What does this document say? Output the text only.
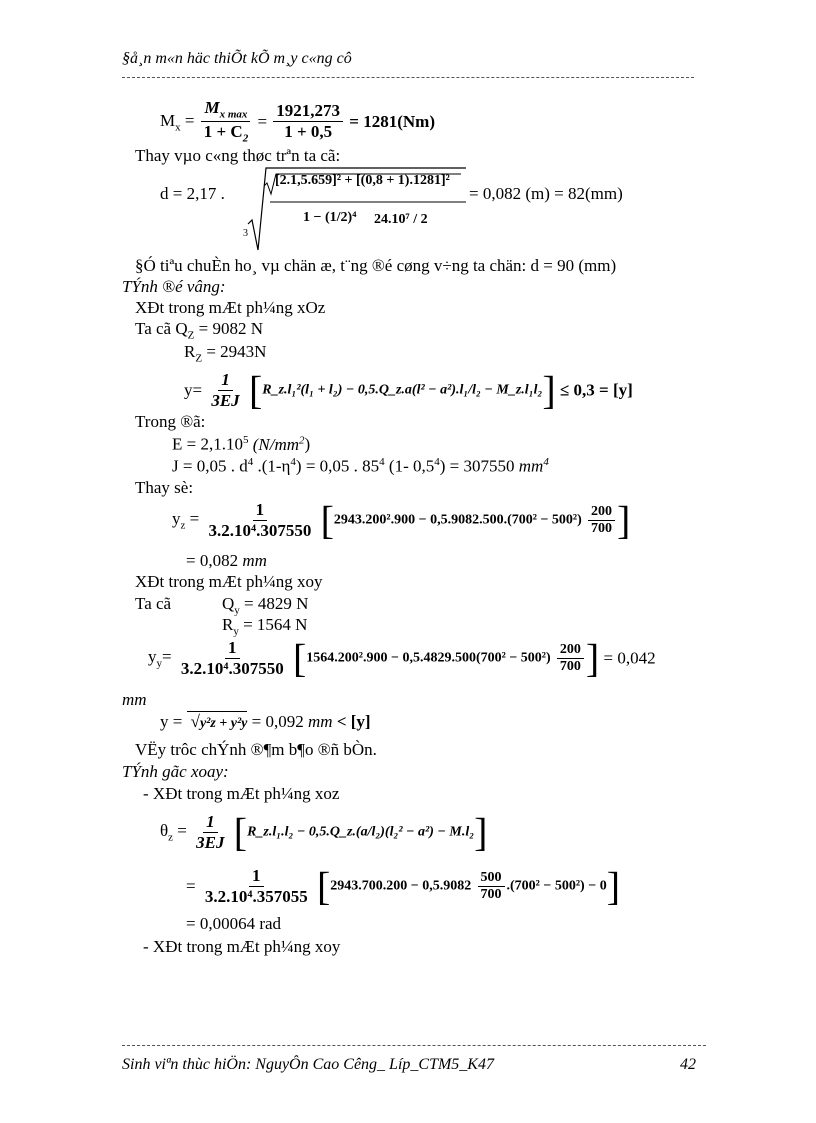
§å¸n m«n häc thiÕt kÕ m¸y c«ng cô
$M_x = \frac{M_{x max}}{1 + C_2} = \frac{1921,273}{1 + 0,5} = 1281(Nm)$
Thay vµo c«ng thøc trªn ta cã:
d = 2,17 .
3
[2.1,5.659]² + [(0,8 + 1).1281]²
1 − (1/2)⁴ 24.10⁷ / 2
= 0,082 (m) = 82(mm)
§Ó tiªu chuÈn ho¸ vµ chän æ, t¨ng ®é cøng v÷ng ta chän: d = 90 (mm)
TÝnh ®é vâng:
XÐt trong mÆt ph¼ng xOz
Ta cã $Q_Z = 9082$ N
$R_Z = 2943N$
$y= \frac{1}{3EJ}$ [R_z.l₁²(l₁ + l₂) − 0,5.Q_z.a(l² − a²).l₁/l₂ − M_z.l₁l₂] ≤ 0,3 = [y]
Trong ®ã:
$E = 2,1.10^5$ $(N/mm^2)$
J = 0,05 . $d^4$ $.(1-\eta^4) = 0,05$ . $85^4$ (1- $0,5^4) = 307550$ $mm^4$
Thay sè:
$y_z = \frac{1}{\text{3.2.10⁴.307550}} [2943.200^2.900 - 0,5.9082.500.(700^2 - 500^2) \frac{200}{700}$ ]
= 0,082 mm
XÐt trong mÆt ph¼ng xoy
Ta cã	$Q_y = 4829$ N
$R_y = 1564$ N
$y_y= \frac{1}{\text{3.2.10⁴.307550}} [1564.200^2.900 - 0,5.4829.500(700^2 - 500^2) \frac{200}{700}$ ] = 0,042
mm
y = √y²z + y²y = 0,092 mm < [y]
VËy trôc chÝnh ®¶m b¶o ®ñ bÒn.
TÝnh gãc xoay:
- XÐt trong mÆt ph¼ng xoz
$\theta_z = \frac{1}{3EJ}$ [R_z.l₁.l₂ − 0,5.Q_z.(a/l₂)(l₂² − a²) − M.l₂]
= $\frac{1}{\text{3.2.10⁴.357055}} [2943.700.200 - 0,5.9082 \frac{500}{700} .(700^2 - 500^2) - 0]$
= 0,00064 rad
- XÐt trong mÆt ph¼ng xoy
Sinh viªn thùc hiÖn: NguyÔn Cao Cêng_ Líp_CTM5_K47	42
